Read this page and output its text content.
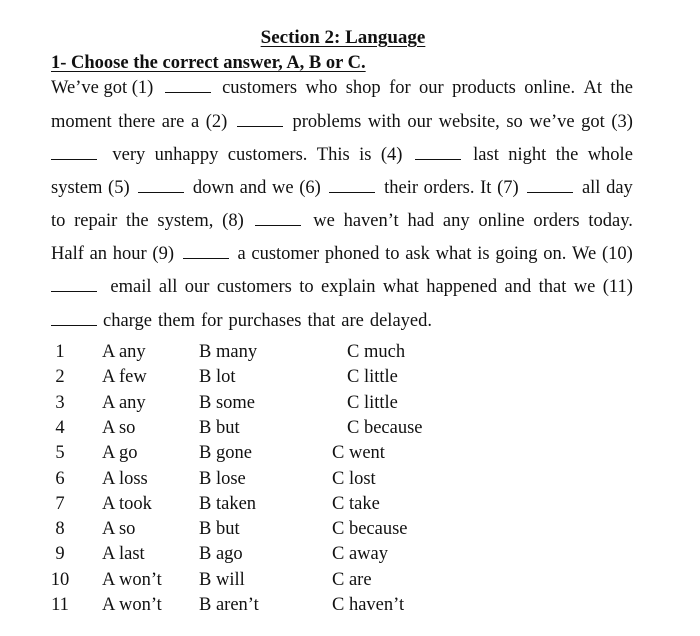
Section 2: Language
1- Choose the correct answer, A, B or C.
We’ve got (1)	customers who shop for our products online. At the
moment there are a (2)	problems with our website, so we’ve got (3)
very unhappy customers. This is (4)	last night the whole
system (5)	down and we (6)	their orders. It (7)	all day
to repair the system, (8)	we haven’t had any online orders today.
Half an hour (9)	a customer phoned to ask what is going on. We (10)
email all our customers to explain what happened and that we (11)
charge them for purchases that are delayed.
1 A any	B many	C much
2 A few	B lot	C little
3 A any	B some	C little
4 A so	B but	C because
5 A go	B gone	C went
6 A loss	B lose	C lost
7 A took	B taken	C take
8 A so	B but	C because
9 A last	B ago	C away
10 A won’t B will	C are
11 A won’t B aren’t	C haven’t
